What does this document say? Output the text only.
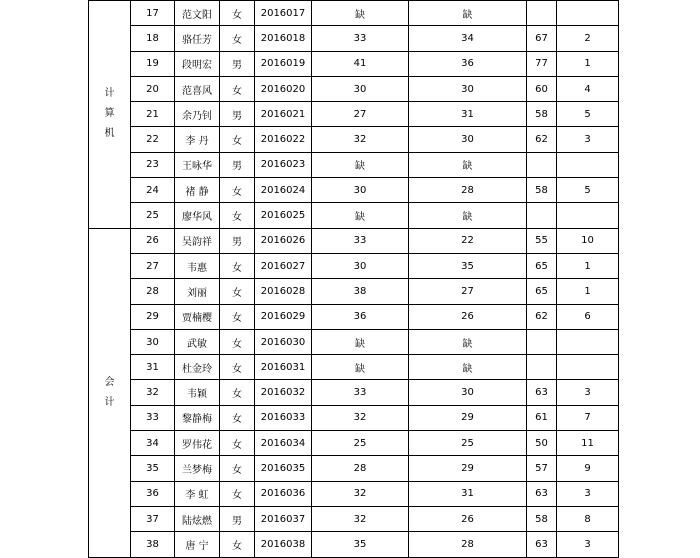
计算机	17	范文阳	女	2016017	缺	缺		
	18	骆任芳	女	2016018	33	34	67	2
	19	段明宏	男	2016019	41	36	77	1
	20	范喜风	女	2016020	30	30	60	4
	21	余乃钊	男	2016021	27	31	58	5
	22	李 丹	女	2016022	32	30	62	3
	23	王咏华	男	2016023	缺	缺		
	24	褚 静	女	2016024	30	28	58	5
	25	廖华风	女	2016025	缺	缺		
会计	26	吴韵祥	男	2016026	33	22	55	10
	27	韦惠	女	2016027	30	35	65	1
	28	刘丽	女	2016028	38	27	65	1
	29	贾楠樱	女	2016029	36	26	62	6
	30	武敏	女	2016030	缺	缺		
	31	杜金玲	女	2016031	缺	缺		
	32	韦颖	女	2016032	33	30	63	3
	33	黎静梅	女	2016033	32	29	61	7
	34	罗伟花	女	2016034	25	25	50	11
	35	兰梦梅	女	2016035	28	29	57	9
	36	李 虹	女	2016036	32	31	63	3
	37	陆炫燃	男	2016037	32	26	58	8
	38	唐 宁	女	2016038	35	28	63	3
